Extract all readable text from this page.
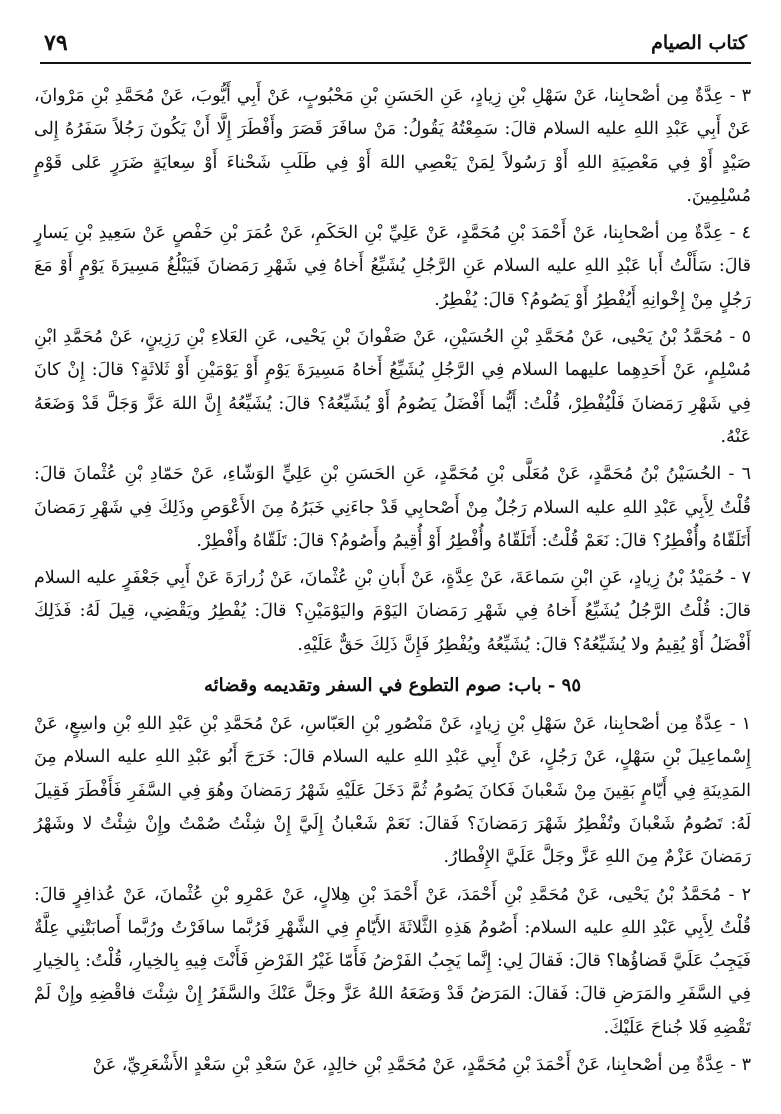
كتاب الصيام
٧٩

٣ - عِدَّةٌ مِن أصْحابِنا، عَنْ سَهْلِ بْنِ زِيادٍ، عَنِ الحَسَنِ بْنِ مَحْبُوبٍ، عَنْ أَبِي أَيُّوبَ، عَنْ مُحَمَّدِ بْنِ مَرْوانَ، عَنْ أَبِي عَبْدِ اللهِ عليه السلام قالَ: سَمِعْتُهُ يَقُولُ: مَنْ سافَرَ قَصَرَ وأَفْطَرَ إِلَّا أَنْ يَكُونَ رَجُلاً سَفَرُهُ إِلى صَيْدٍ أَوْ فِي مَعْصِيَةِ اللهِ أَوْ رَسُولاً لِمَنْ يَعْصِي اللهَ أَوْ فِي طَلَبِ شَحْناءَ أَوْ سِعايَةٍ ضَرَرٍ عَلى قَوْمٍ مُسْلِمِينَ.

٤ - عِدَّةٌ مِن أصْحابِنا، عَنْ أَحْمَدَ بْنِ مُحَمَّدٍ، عَنْ عَلِيِّ بْنِ الحَكَمِ، عَنْ عُمَرَ بْنِ حَفْصٍ عَنْ سَعِيدِ بْنِ يَسارٍ قالَ: سَأَلْتُ أَبا عَبْدِ اللهِ عليه السلام عَنِ الرَّجُلِ يُشَيِّعُ أَخاهُ فِي شَهْرِ رَمَضانَ فَيَبْلُغُ مَسِيرَةَ يَوْمٍ أَوْ مَعَ رَجُلٍ مِنْ إِخْوانِهِ أَيُفْطِرُ أَوْ يَصُومُ؟ قالَ: يُفْطِرُ.

٥ - مُحَمَّدُ بْنُ يَحْيى، عَنْ مُحَمَّدِ بْنِ الحُسَيْنِ، عَنْ صَفْوانَ بْنِ يَحْيى، عَنِ العَلاءِ بْنِ رَزِينٍ، عَنْ مُحَمَّدِ ابْنِ مُسْلِمٍ، عَنْ أَحَدِهِما عليهما السلام فِي الرَّجُلِ يُشَيِّعُ أَخاهُ مَسِيرَةَ يَوْمٍ أَوْ يَوْمَيْنِ أَوْ ثَلاثَةٍ؟ قالَ: إِنْ كانَ فِي شَهْرِ رَمَضانَ فَلْيُفْطِرْ، قُلْتُ: أَيُّما أَفْضَلُ يَصُومُ أَوْ يُشَيِّعُهُ؟ قالَ: يُشَيِّعُهُ إِنَّ اللهَ عَزَّ وَجَلَّ قَدْ وَضَعَهُ عَنْهُ.

٦ - الحُسَيْنُ بْنُ مُحَمَّدٍ، عَنْ مُعَلَّى بْنِ مُحَمَّدٍ، عَنِ الحَسَنِ بْنِ عَلِيٍّ الوَشّاءِ، عَنْ حَمّادِ بْنِ عُثْمانَ قالَ: قُلْتُ لِأَبِي عَبْدِ اللهِ عليه السلام رَجُلٌ مِنْ أَصْحابِي قَدْ جاءَنِي خَبَرُهُ مِنَ الأَعْوَصِ وذَلِكَ فِي شَهْرِ رَمَضانَ أَتَلَقّاهُ وأُفْطِرُ؟ قالَ: نَعَمْ قُلْتُ: أَتَلَقّاهُ وأُفْطِرُ أَوْ أُقِيمُ وأَصُومُ؟ قالَ: تَلَقّاهُ وأَفْطِرْ.

٧ - حُمَيْدُ بْنُ زِيادٍ، عَنِ ابْنِ سَماعَةَ، عَنْ عِدَّةٍ، عَنْ أَبانِ بْنِ عُثْمانَ، عَنْ زُرارَةَ عَنْ أَبِي جَعْفَرٍ عليه السلام قالَ: قُلْتُ الرَّجُلُ يُشَيِّعُ أَخاهُ فِي شَهْرِ رَمَضانَ اليَوْمَ واليَوْمَيْنِ؟ قالَ: يُفْطِرُ ويَقْضِي، قِيلَ لَهُ: فَذَلِكَ أَفْضَلُ أَوْ يُقِيمُ ولا يُشَيِّعُهُ؟ قالَ: يُشَيِّعُهُ ويُفْطِرُ فَإِنَّ ذَلِكَ حَقٌّ عَلَيْهِ.

٩٥ - باب: صوم التطوع في السفر وتقديمه وقضائه

١ - عِدَّةٌ مِن أصْحابِنا، عَنْ سَهْلِ بْنِ زِيادٍ، عَنْ مَنْصُورِ بْنِ العَبّاسِ، عَنْ مُحَمَّدِ بْنِ عَبْدِ اللهِ بْنِ واسِعٍ، عَنْ إِسْماعِيلَ بْنِ سَهْلٍ، عَنْ رَجُلٍ، عَنْ أَبِي عَبْدِ اللهِ عليه السلام قالَ: خَرَجَ أَبُو عَبْدِ اللهِ عليه السلام مِنَ المَدِينَةِ فِي أَيّامٍ بَقِينَ مِنْ شَعْبانَ فَكانَ يَصُومُ ثُمَّ دَخَلَ عَلَيْهِ شَهْرُ رَمَضانَ وهُوَ فِي السَّفَرِ فَأَفْطَرَ فَقِيلَ لَهُ: تَصُومُ شَعْبانَ وتُفْطِرُ شَهْرَ رَمَضانَ؟ فَقالَ: نَعَمْ شَعْبانُ إِلَيَّ إِنْ شِئْتُ صُمْتُ وإِنْ شِئْتُ لا وشَهْرُ رَمَضانَ عَزْمٌ مِنَ اللهِ عَزَّ وجَلَّ عَلَيَّ الإِفْطارُ.

٢ - مُحَمَّدُ بْنُ يَحْيى، عَنْ مُحَمَّدِ بْنِ أَحْمَدَ، عَنْ أَحْمَدَ بْنِ هِلالٍ، عَنْ عَمْرِو بْنِ عُثْمانَ، عَنْ عُذافِرٍ قالَ: قُلْتُ لِأَبِي عَبْدِ اللهِ عليه السلام: أَصُومُ هَذِهِ الثَّلاثَةَ الأَيّامِ فِي الشَّهْرِ فَرُبَّما سافَرْتُ ورُبَّما أَصابَتْنِي عِلَّةٌ فَيَجِبُ عَلَيَّ قَضاؤُها؟ قالَ: فَقالَ لِي: إِنَّما يَجِبُ الفَرْضُ فَأَمّا غَيْرُ الفَرْضِ فَأَنْتَ فِيهِ بِالخِيارِ، قُلْتُ: بِالخِيارِ فِي السَّفَرِ والمَرَضِ قالَ: فَقالَ: المَرَضُ قَدْ وَضَعَهُ اللهُ عَزَّ وجَلَّ عَنْكَ والسَّفَرُ إِنْ شِئْتَ فاقْضِهِ وإِنْ لَمْ تَقْضِهِ فَلا جُناحَ عَلَيْكَ.

٣ - عِدَّةٌ مِن أصْحابِنا، عَنْ أَحْمَدَ بْنِ مُحَمَّدٍ، عَنْ مُحَمَّدِ بْنِ خالِدٍ، عَنْ سَعْدِ بْنِ سَعْدٍ الأَشْعَرِيِّ، عَنْ
